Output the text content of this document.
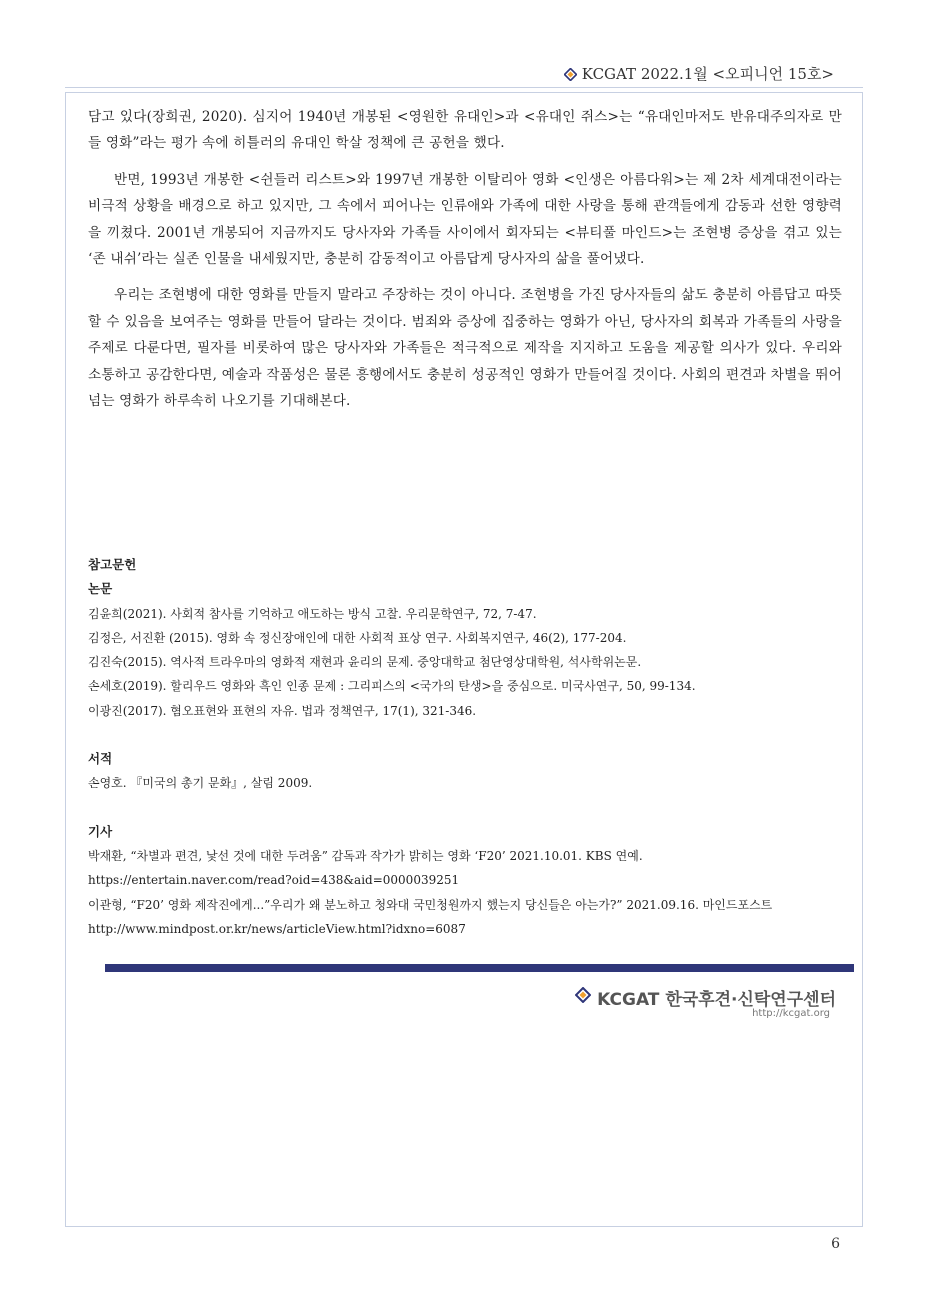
KCGAT 2022.1월 <오피니언 15호>

담고 있다(장희권, 2020). 심지어 1940년 개봉된 <영원한 유대인>과 <유대인 쥐스>는 “유대인마저도 반유대주의자로 만들 영화”라는 평가 속에 히틀러의 유대인 학살 정책에 큰 공헌을 했다.

반면, 1993년 개봉한 <쉰들러 리스트>와 1997년 개봉한 이탈리아 영화 <인생은 아름다워>는 제 2차 세계대전이라는 비극적 상황을 배경으로 하고 있지만, 그 속에서 피어나는 인류애와 가족에 대한 사랑을 통해 관객들에게 감동과 선한 영향력을 끼쳤다. 2001년 개봉되어 지금까지도 당사자와 가족들 사이에서 회자되는 <뷰티풀 마인드>는 조현병 증상을 겪고 있는 ‘존 내쉬’라는 실존 인물을 내세웠지만, 충분히 감동적이고 아름답게 당사자의 삶을 풀어냈다.

우리는 조현병에 대한 영화를 만들지 말라고 주장하는 것이 아니다. 조현병을 가진 당사자들의 삶도 충분히 아름답고 따뜻할 수 있음을 보여주는 영화를 만들어 달라는 것이다. 범죄와 증상에 집중하는 영화가 아닌, 당사자의 회복과 가족들의 사랑을 주제로 다룬다면, 필자를 비롯하여 많은 당사자와 가족들은 적극적으로 제작을 지지하고 도움을 제공할 의사가 있다. 우리와 소통하고 공감한다면, 예술과 작품성은 물론 흥행에서도 충분히 성공적인 영화가 만들어질 것이다. 사회의 편견과 차별을 뛰어 넘는 영화가 하루속히 나오기를 기대해본다.

참고문헌
논문
김윤희(2021). 사회적 참사를 기억하고 애도하는 방식 고찰. 우리문학연구, 72, 7-47.
김정은, 서진환 (2015). 영화 속 정신장애인에 대한 사회적 표상 연구. 사회복지연구, 46(2), 177-204.
김진숙(2015). 역사적 트라우마의 영화적 재현과 윤리의 문제. 중앙대학교 첨단영상대학원, 석사학위논문.
손세호(2019). 할리우드 영화와 흑인 인종 문제 : 그리피스의 <국가의 탄생>을 중심으로. 미국사연구, 50, 99-134.
이광진(2017). 혐오표현와 표현의 자유. 법과 정책연구, 17(1), 321-346.
서적
손영호. 『미국의 총기 문화』, 살림 2009.
기사
박재환, “차별과 편견, 낯선 것에 대한 두려움” 감독과 작가가 밝히는 영화 ‘F20’ 2021.10.01. KBS 연예.
https://entertain.naver.com/read?oid=438&aid=0000039251
이관형, “F20’ 영화 제작진에게...”우리가 왜 분노하고 청와대 국민청원까지 했는지 당신들은 아는가?” 2021.09.16. 마인드포스트
http://www.mindpost.or.kr/news/articleView.html?idxno=6087
KCGAT 한국후견·신탁연구센터
http://kcgat.org
6
